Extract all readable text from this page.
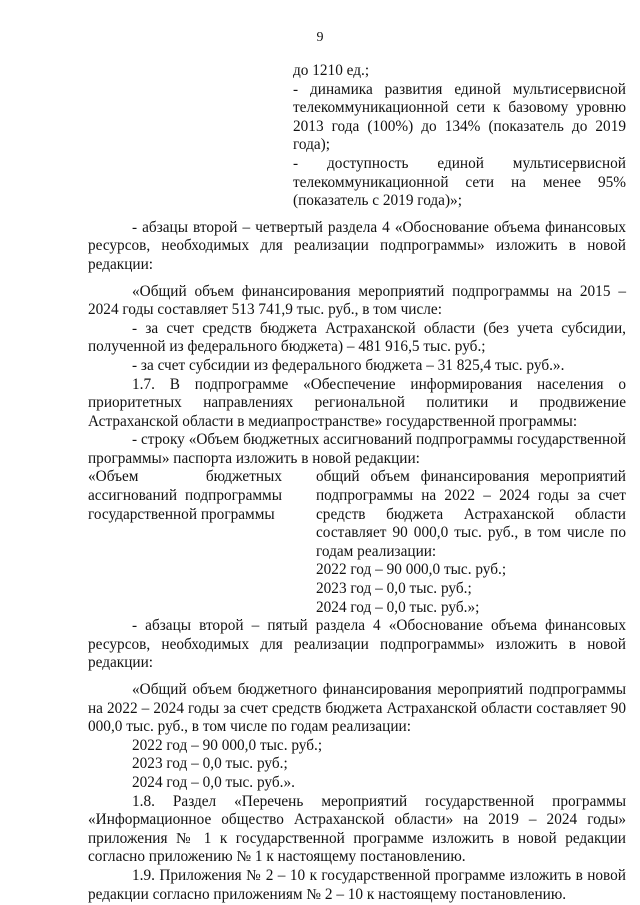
9

до 1210 ед.;

- динамика развития единой мультисервисной телекоммуникационной сети к базовому уровню 2013 года (100%) до 134% (показатель до 2019 года);

- доступность единой мультисервисной телекоммуникационной сети на менее 95% (показатель с 2019 года)»;

- абзацы второй – четвертый раздела 4 «Обоснование объема финансовых ресурсов, необходимых для реализации подпрограммы» изложить в новой редакции:

«Общий объем финансирования мероприятий подпрограммы на 2015 – 2024 годы составляет 513 741,9 тыс. руб., в том числе:

- за счет средств бюджета Астраханской области (без учета субсидии, полученной из федерального бюджета) – 481 916,5 тыс. руб.;

- за счет субсидии из федерального бюджета – 31 825,4 тыс. руб.».

1.7. В подпрограмме «Обеспечение информирования населения о приоритетных направлениях региональной политики и продвижение Астраханской области в медиапространстве» государственной программы:

- строку «Объем бюджетных ассигнований подпрограммы государственной программы» паспорта изложить в новой редакции:

«Объем бюджетных ассигнований подпрограммы государственной программы

общий объем финансирования мероприятий подпрограммы на 2022 – 2024 годы за счет средств бюджета Астраханской области составляет 90 000,0 тыс. руб., в том числе по годам реализации:

2022 год – 90 000,0 тыс. руб.;

2023 год – 0,0 тыс. руб.;

2024 год – 0,0 тыс. руб.»;

- абзацы второй – пятый раздела 4 «Обоснование объема финансовых ресурсов, необходимых для реализации подпрограммы» изложить в новой редакции:

«Общий объем бюджетного финансирования мероприятий подпрограммы на 2022 – 2024 годы за счет средств бюджета Астраханской области составляет 90 000,0 тыс. руб., в том числе по годам реализации:

2022 год – 90 000,0 тыс. руб.;

2023 год – 0,0 тыс. руб.;

2024 год – 0,0 тыс. руб.».

1.8. Раздел «Перечень мероприятий государственной программы «Информационное общество Астраханской области» на 2019 – 2024 годы» приложения № 1 к государственной программе изложить в новой редакции согласно приложению № 1 к настоящему постановлению.

1.9. Приложения № 2 – 10 к государственной программе изложить в новой редакции согласно приложениям № 2 – 10 к настоящему постановлению.
